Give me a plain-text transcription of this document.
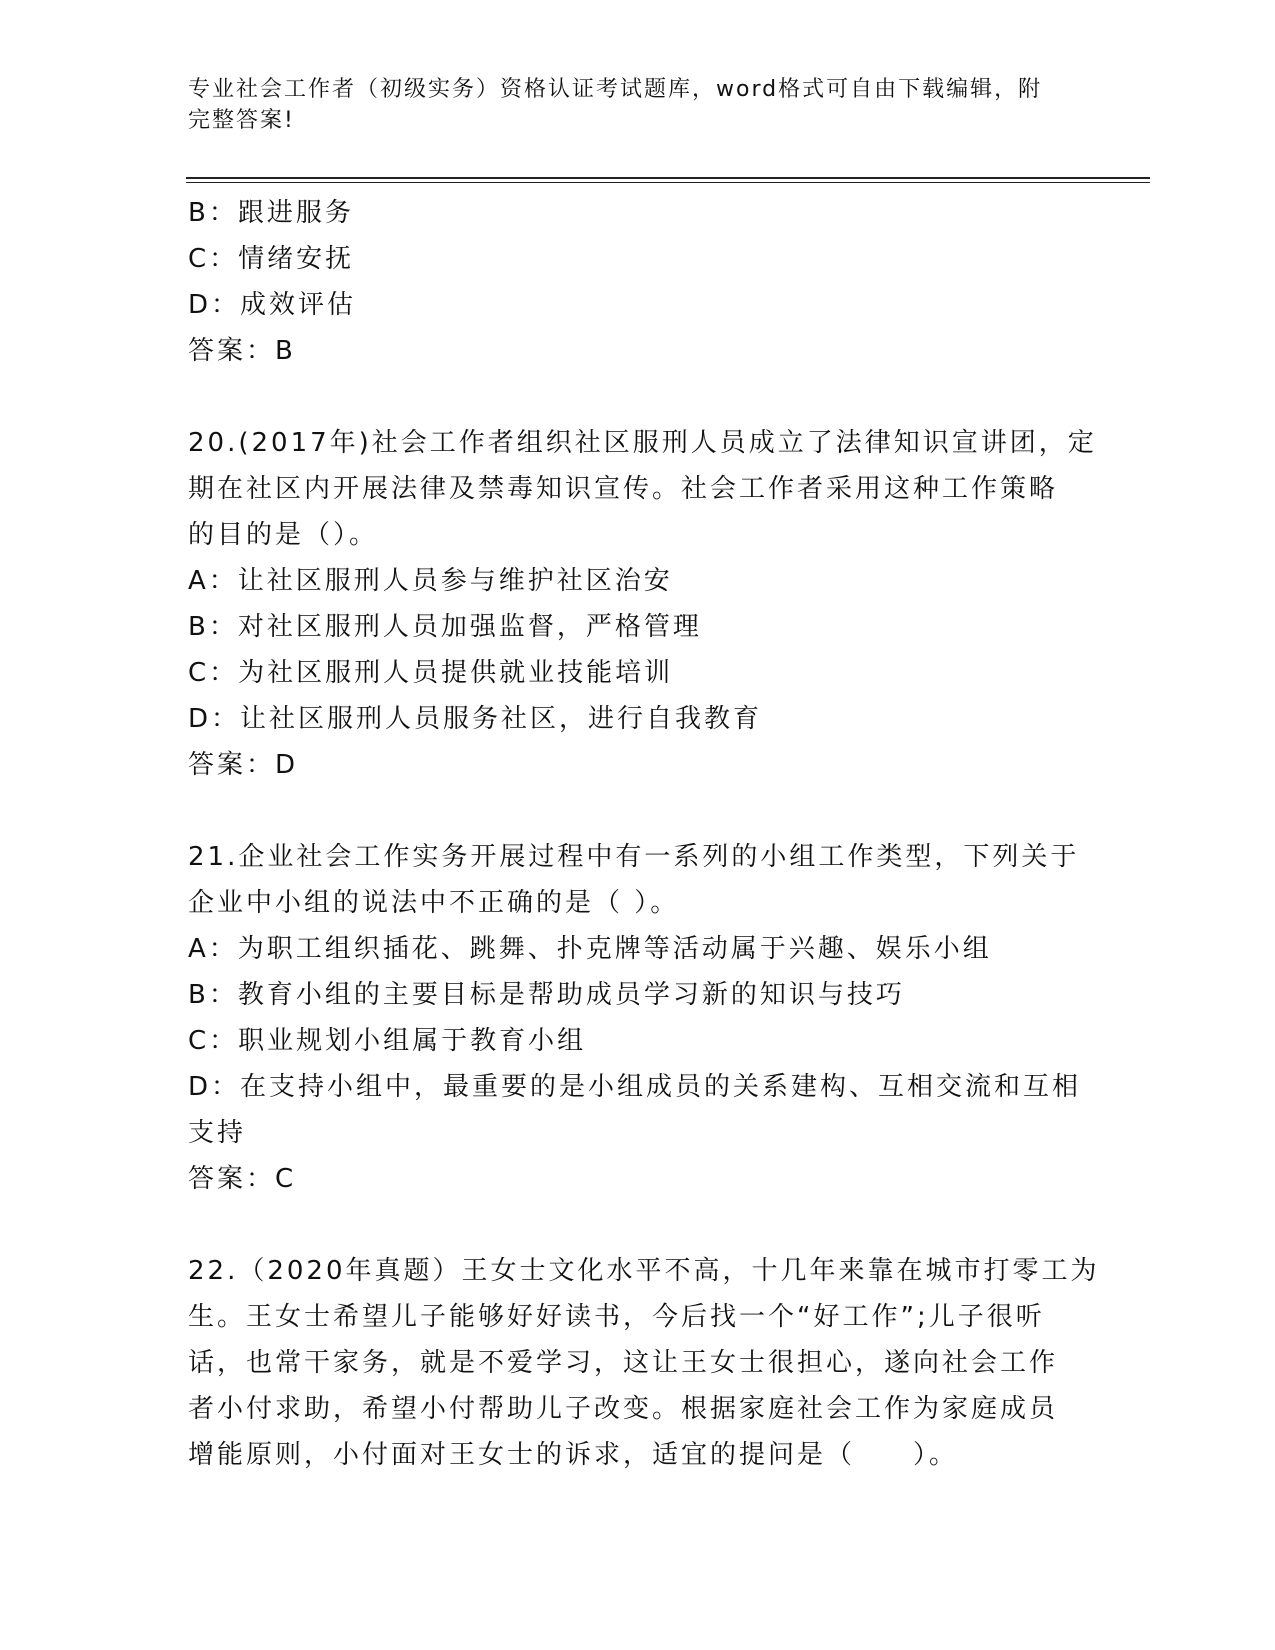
专业社会工作者（初级实务）资格认证考试题库，word格式可自由下载编辑，附
完整答案!
B：跟进服务
C：情绪安抚
D：成效评估
答案：B
20.(2017年)社会工作者组织社区服刑人员成立了法律知识宣讲团，定
期在社区内开展法律及禁毒知识宣传。社会工作者采用这种工作策略
的目的是（）。
A：让社区服刑人员参与维护社区治安
B：对社区服刑人员加强监督，严格管理
C：为社区服刑人员提供就业技能培训
D：让社区服刑人员服务社区，进行自我教育
答案：D
21.企业社会工作实务开展过程中有一系列的小组工作类型，下列关于
企业中小组的说法中不正确的是（ ）。
A：为职工组织插花、跳舞、扑克牌等活动属于兴趣、娱乐小组
B：教育小组的主要目标是帮助成员学习新的知识与技巧
C：职业规划小组属于教育小组
D：在支持小组中，最重要的是小组成员的关系建构、互相交流和互相
支持
答案：C
22.（2020年真题）王女士文化水平不高，十几年来靠在城市打零工为
生。王女士希望儿子能够好好读书，今后找一个“好工作”;儿子很听
话，也常干家务，就是不爱学习，这让王女士很担心，遂向社会工作
者小付求助，希望小付帮助儿子改变。根据家庭社会工作为家庭成员
增能原则，小付面对王女士的诉求，适宜的提问是（　　）。
